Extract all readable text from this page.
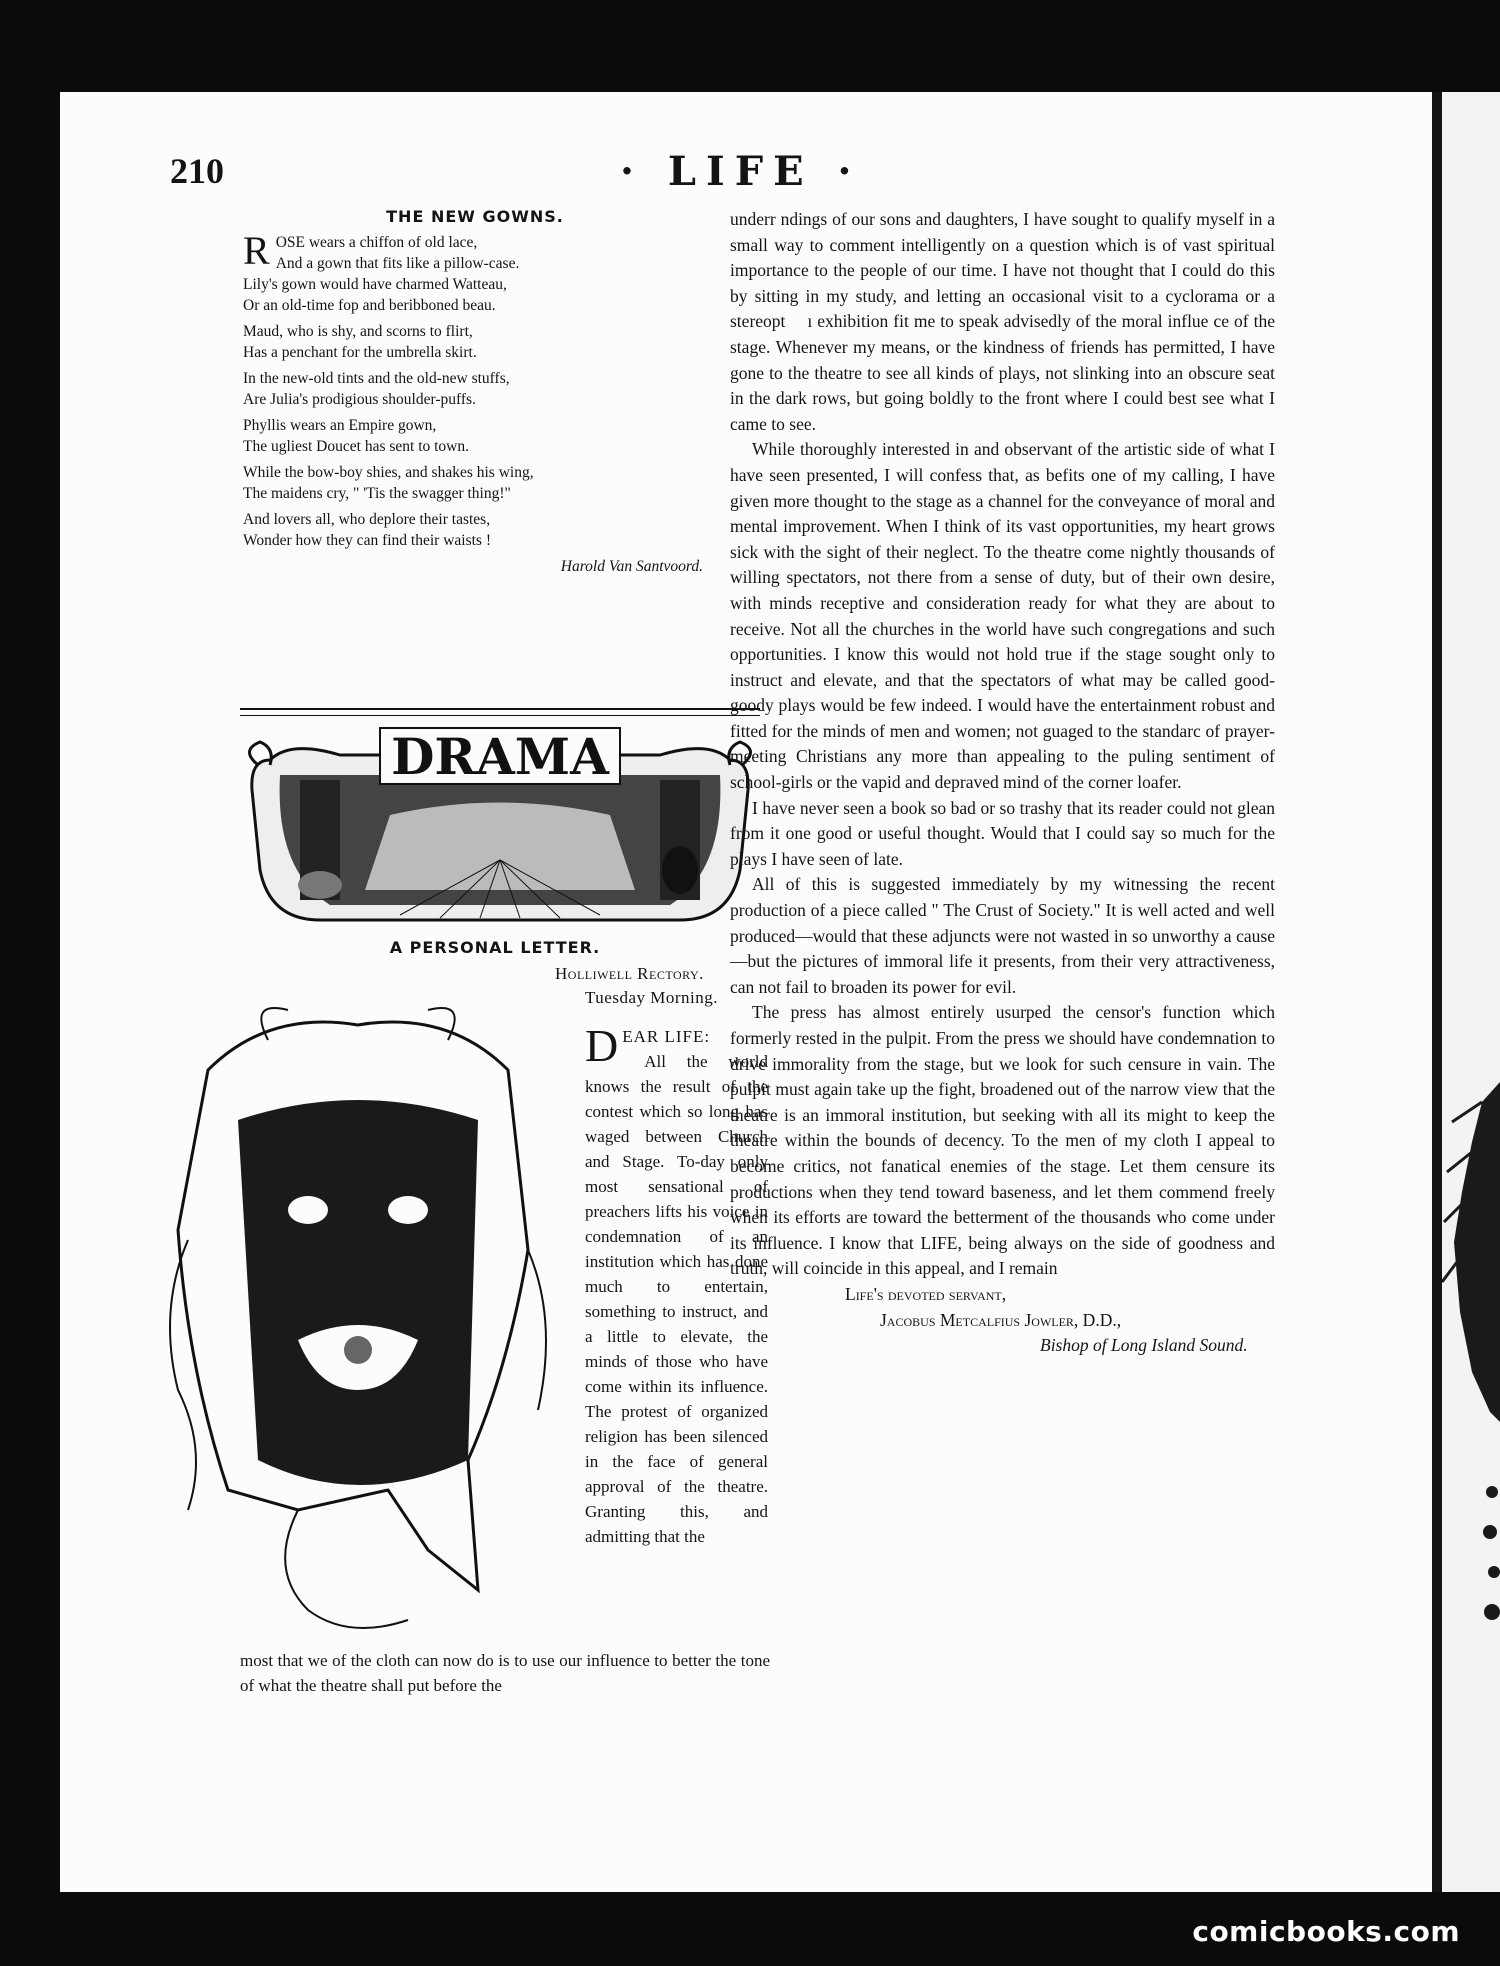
210	· LIFE ·
THE NEW GOWNS.
ROSE wears a chiffon of old lace,
And a gown that fits like a pillow-case.
Lily's gown would have charmed Watteau,
Or an old-time fop and beribboned beau.
Maud, who is shy, and scorns to flirt,
Has a penchant for the umbrella skirt.
In the new-old tints and the old-new stuffs,
Are Julia's prodigious shoulder-puffs.
Phyllis wears an Empire gown,
The ugliest Doucet has sent to town.
While the bow-boy shies, and shakes his wing,
The maidens cry, " 'Tis the swagger thing!"
And lovers all, who deplore their tastes,
Wonder how they can find their waists !
Harold Van Santvoord.
DRAMA
A PERSONAL LETTER.
Holliwell Rectory.
Tuesday Morning.
D EAR LIFE:
All the world knows the result of the contest which so long has waged between Church and Stage. To-day only most sensational of preachers lifts his voice in condemnation of an institution which has done much to entertain, something to instruct, and a little to elevate, the minds of those who have come within its influence. The protest of organized religion has been silenced in the face of general approval of the theatre. Granting this, and admitting that the
most that we of the cloth can now do is to use our influence to better the tone of what the theatre shall put before the

underr ndings of our sons and daughters, I have sought to qualify myself in a small way to comment intelligently on a question which is of vast spiritual importance to the people of our time. I have not thought that I could do this by sitting in my study, and letting an occasional visit to a cyclorama or a stereopt ı exhibition fit me to speak advisedly of the moral influe ce of the stage. Whenever my means, or the kindness of friends has permitted, I have gone to the theatre to see all kinds of plays, not slinking into an obscure seat in the dark rows, but going boldly to the front where I could best see what I came to see.

While thoroughly interested in and observant of the artistic side of what I have seen presented, I will confess that, as befits one of my calling, I have given more thought to the stage as a channel for the conveyance of moral and mental improvement. When I think of its vast opportunities, my heart grows sick with the sight of their neglect. To the theatre come nightly thousands of willing spectators, not there from a sense of duty, but of their own desire, with minds receptive and consideration ready for what they are about to receive. Not all the churches in the world have such congregations and such opportunities. I know this would not hold true if the stage sought only to instruct and elevate, and that the spectators of what may be called good-goody plays would be few indeed. I would have the entertainment robust and fitted for the minds of men and women; not guaged to the standarc of prayer-meeting Christians any more than appealing to the puling sentiment of school-girls or the vapid and depraved mind of the corner loafer.

I have never seen a book so bad or so trashy that its reader could not glean from it one good or useful thought. Would that I could say so much for the plays I have seen of late.

All of this is suggested immediately by my witnessing the recent production of a piece called " The Crust of Society." It is well acted and well produced—would that these adjuncts were not wasted in so unworthy a cause—but the pictures of immoral life it presents, from their very attractiveness, can not fail to broaden its power for evil.

The press has almost entirely usurped the censor's function which formerly rested in the pulpit. From the press we should have condemnation to drive immorality from the stage, but we look for such censure in vain. The pulpit must again take up the fight, broadened out of the narrow view that the theatre is an immoral institution, but seeking with all its might to keep the theatre within the bounds of decency. To the men of my cloth I appeal to become critics, not fanatical enemies of the stage. Let them censure its productions when they tend toward baseness, and let them commend freely when its efforts are toward the betterment of the thousands who come under its influence. I know that LIFE, being always on the side of goodness and truth, will coincide in this appeal, and I remain

Life's devoted servant,
Jacobus Metcalfius Jowler, D.D.,
Bishop of Long Island Sound.
comicbooks.com
